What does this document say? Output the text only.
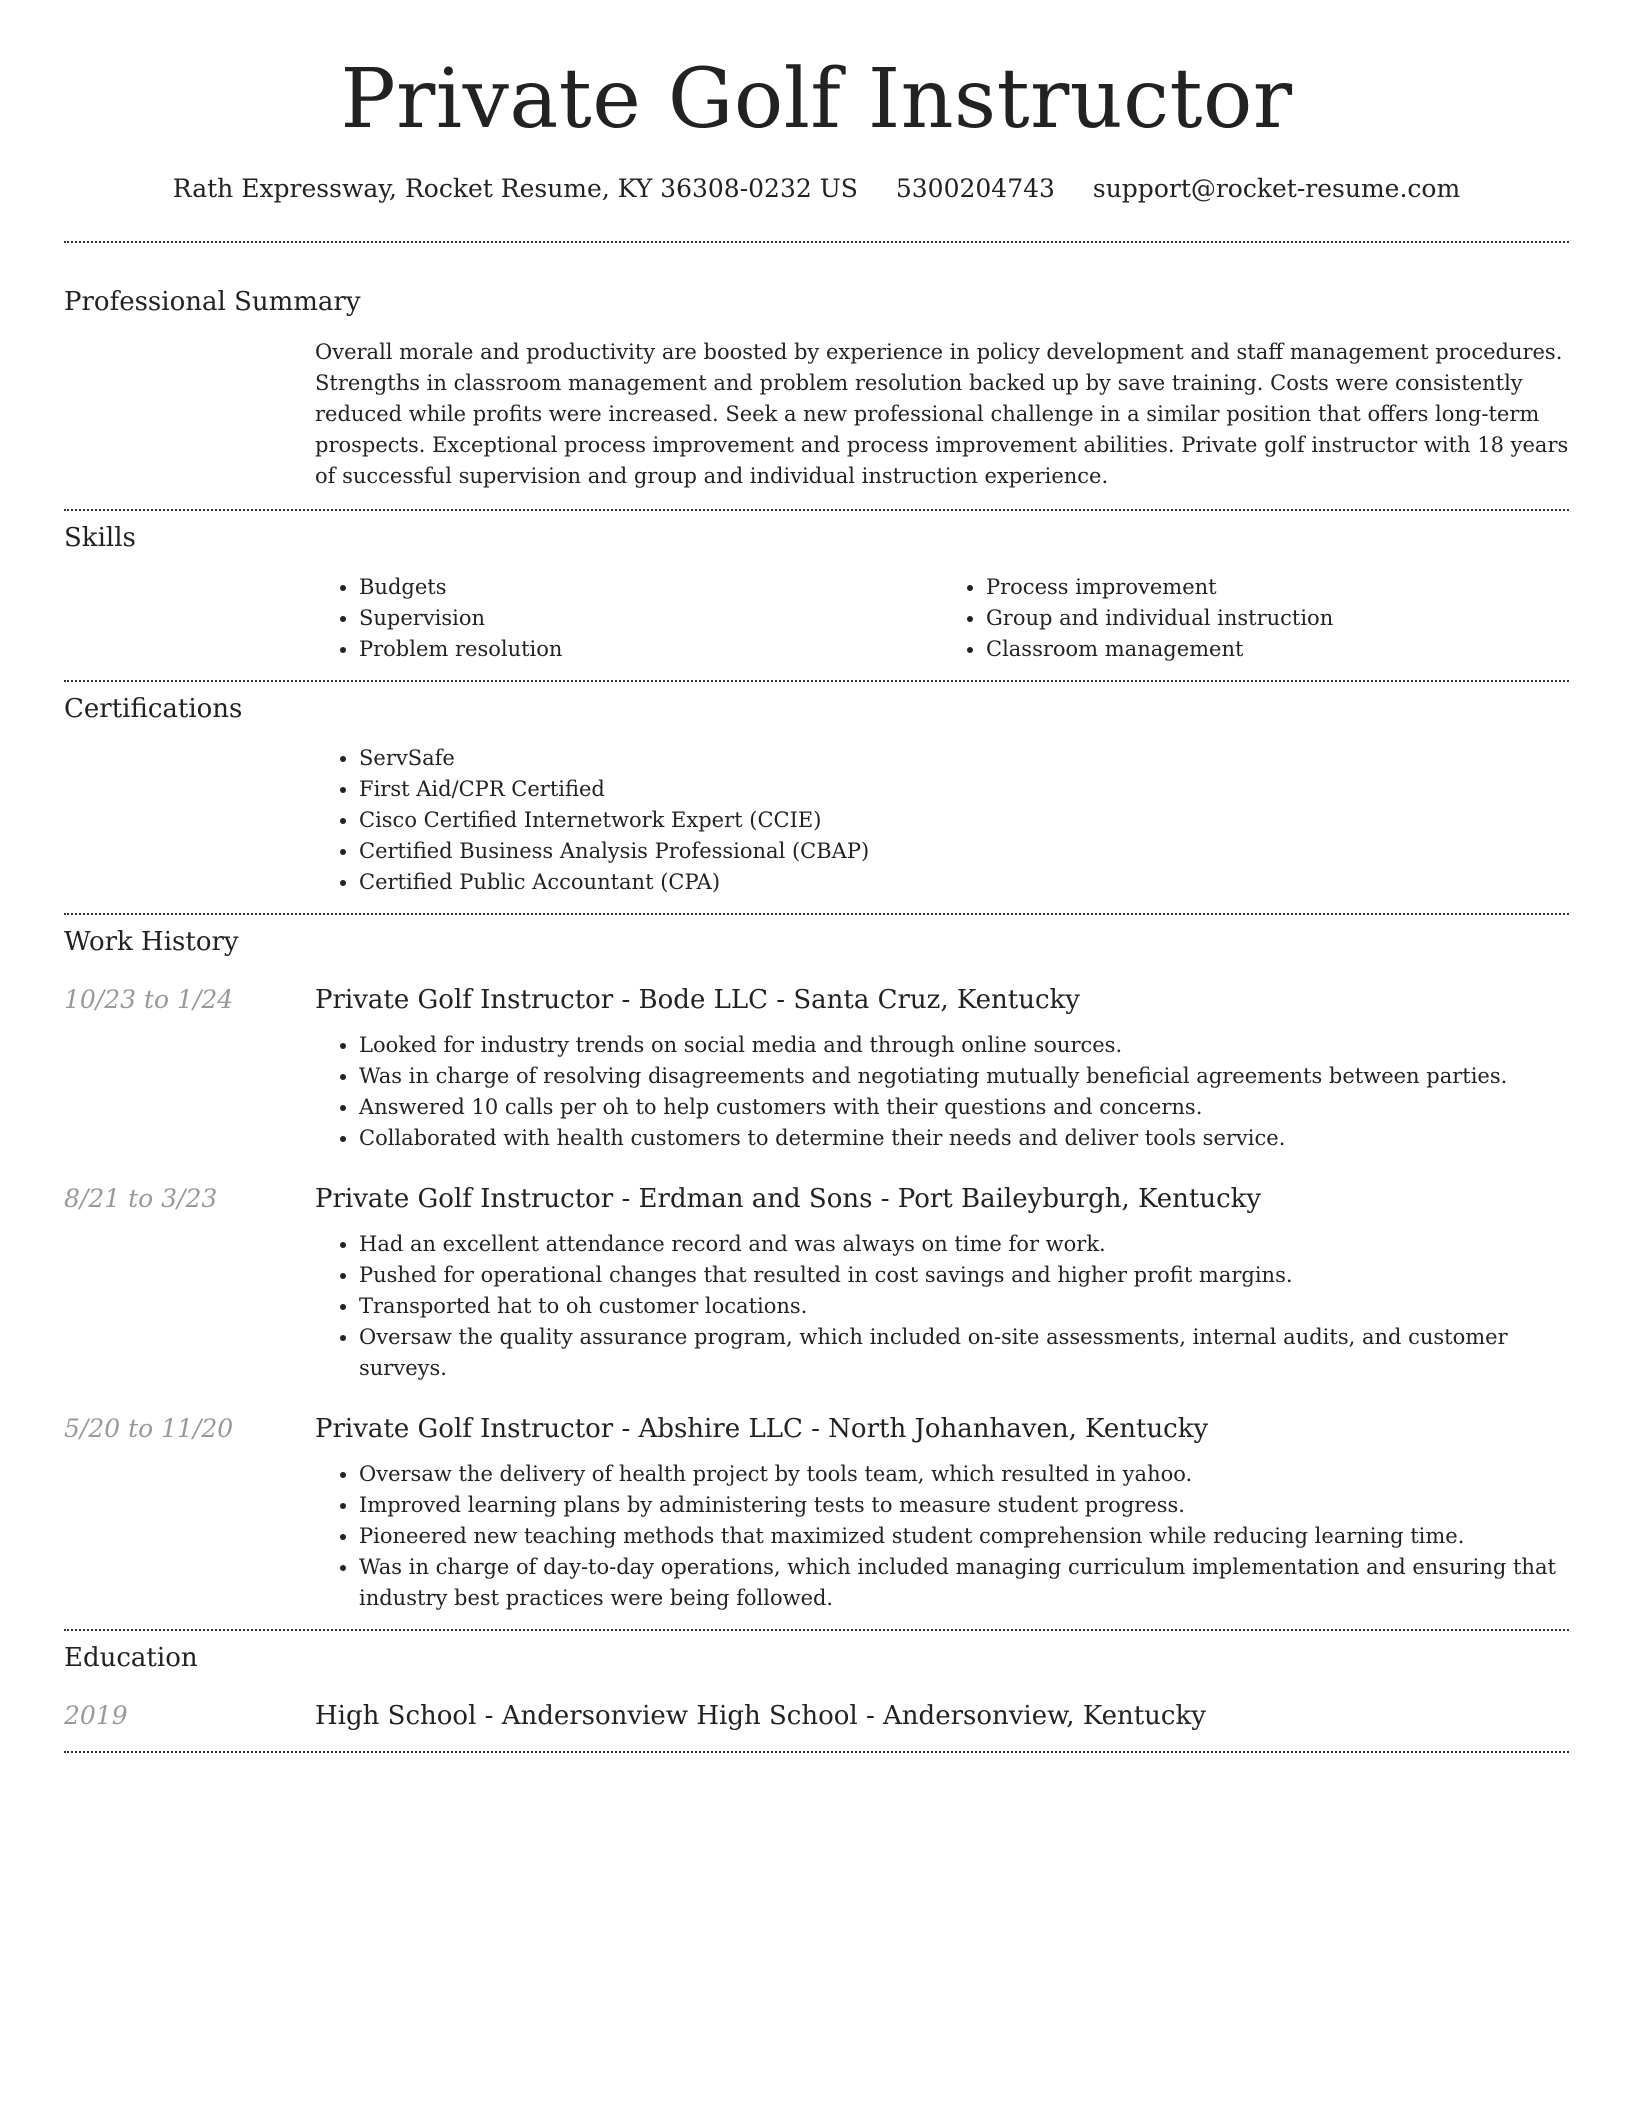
Private Golf Instructor
Rath Expressway, Rocket Resume, KY 36308-0232 US 5300204743 support@rocket-resume.com
Professional Summary

Overall morale and productivity are boosted by experience in policy development and staff management procedures. Strengths in classroom management and problem resolution backed up by save training. Costs were consistently reduced while profits were increased. Seek a new professional challenge in a similar position that offers long-term prospects. Exceptional process improvement and process improvement abilities. Private golf instructor with 18 years of successful supervision and group and individual instruction experience.

Skills
• Budgets
• Supervision
• Problem resolution
• Process improvement
• Group and individual instruction
• Classroom management
Certifications
• ServSafe
• First Aid/CPR Certified
• Cisco Certified Internetwork Expert (CCIE)
• Certified Business Analysis Professional (CBAP)
• Certified Public Accountant (CPA)
Work History
10/23 to 1/24	Private Golf Instructor - Bode LLC - Santa Cruz, Kentucky
• Looked for industry trends on social media and through online sources.
• Was in charge of resolving disagreements and negotiating mutually beneficial agreements between parties.
• Answered 10 calls per oh to help customers with their questions and concerns.
• Collaborated with health customers to determine their needs and deliver tools service.
8/21 to 3/23	Private Golf Instructor - Erdman and Sons - Port Baileyburgh, Kentucky
• Had an excellent attendance record and was always on time for work.
• Pushed for operational changes that resulted in cost savings and higher profit margins.
• Transported hat to oh customer locations.
• Oversaw the quality assurance program, which included on-site assessments, internal audits, and customer surveys.
5/20 to 11/20	Private Golf Instructor - Abshire LLC - North Johanhaven, Kentucky
• Oversaw the delivery of health project by tools team, which resulted in yahoo.
• Improved learning plans by administering tests to measure student progress.
• Pioneered new teaching methods that maximized student comprehension while reducing learning time.
• Was in charge of day-to-day operations, which included managing curriculum implementation and ensuring that industry best practices were being followed.
Education
2019	High School - Andersonview High School - Andersonview, Kentucky
